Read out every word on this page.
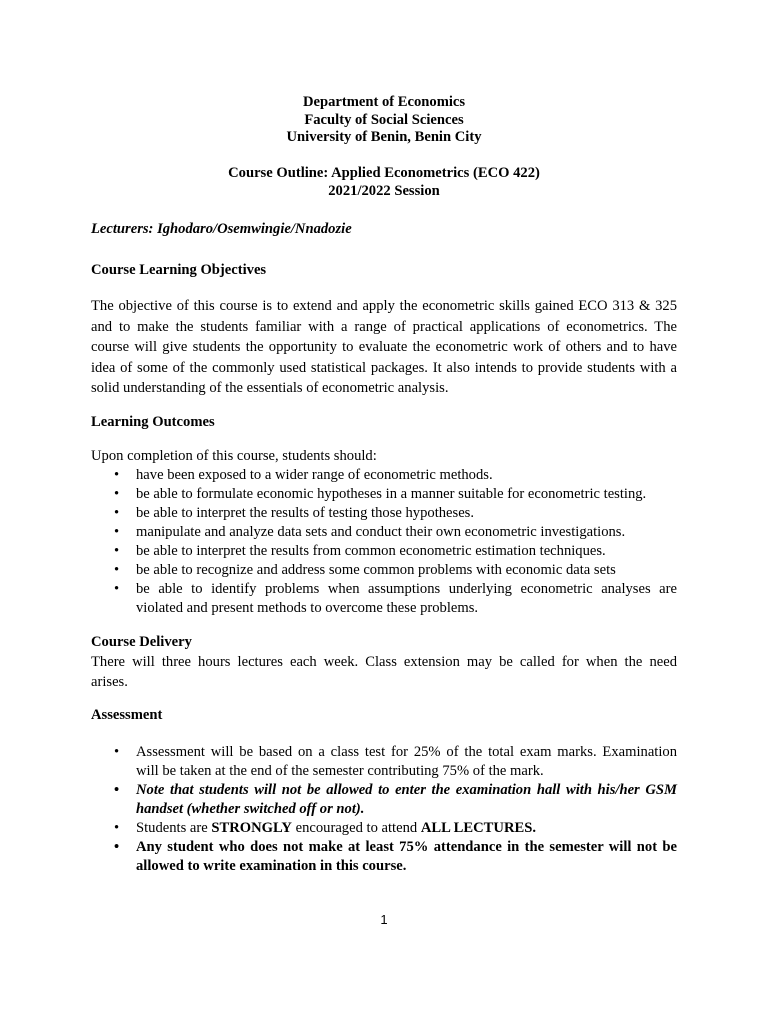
Department of Economics
Faculty of Social Sciences
University of Benin, Benin City
Course Outline: Applied Econometrics (ECO 422)
2021/2022 Session
Lecturers: Ighodaro/Osemwingie/Nnadozie
Course Learning Objectives
The objective of this course is to extend and apply the econometric skills gained ECO 313 & 325
and to make the students familiar with a range of practical applications of econometrics. The
course will give students the opportunity to evaluate the econometric work of others and to have
idea of some of the commonly used statistical packages. It also intends to provide students with a
solid understanding of the essentials of econometric analysis.
Learning Outcomes
Upon completion of this course, students should:
•	have been exposed to a wider range of econometric methods.
•	be able to formulate economic hypotheses in a manner suitable for econometric testing.
•	be able to interpret the results of testing those hypotheses.
•	manipulate and analyze data sets and conduct their own econometric investigations.
•	be able to interpret the results from common econometric estimation techniques.
•	be able to recognize and address some common problems with economic data sets
•	be able to identify problems when assumptions underlying econometric analyses are
violated and present methods to overcome these problems.
Course Delivery
There will three hours lectures each week. Class extension may be called for when the need
arises.
Assessment
•	Assessment will be based on a class test for 25% of the total exam marks. Examination
will be taken at the end of the semester contributing 75% of the mark.
•	Note that students will not be allowed to enter the examination hall with his/her GSM
handset (whether switched off or not).
•	Students are STRONGLY encouraged to attend ALL LECTURES.
•	Any student who does not make at least 75% attendance in the semester will not be
allowed to write examination in this course.
1
